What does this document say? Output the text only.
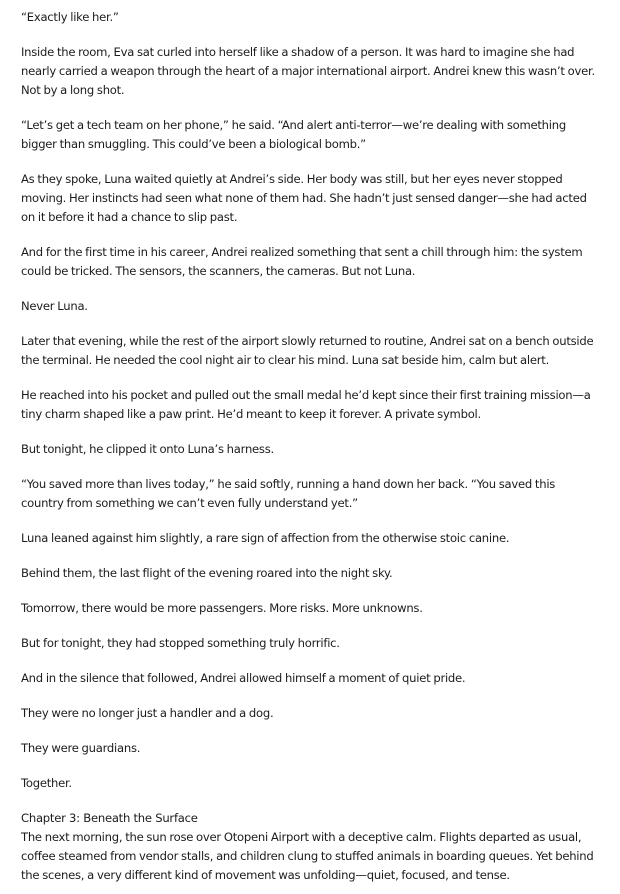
“Exactly like her.”

Inside the room, Eva sat curled into herself like a shadow of a person. It was hard to imagine she had nearly carried a weapon through the heart of a major international airport. Andrei knew this wasn’t over. Not by a long shot.

“Let’s get a tech team on her phone,” he said. “And alert anti-terror—we’re dealing with something bigger than smuggling. This could’ve been a biological bomb.”

As they spoke, Luna waited quietly at Andrei’s side. Her body was still, but her eyes never stopped moving. Her instincts had seen what none of them had. She hadn’t just sensed danger—she had acted on it before it had a chance to slip past.

And for the first time in his career, Andrei realized something that sent a chill through him: the system could be tricked. The sensors, the scanners, the cameras. But not Luna.

Never Luna.

Later that evening, while the rest of the airport slowly returned to routine, Andrei sat on a bench outside the terminal. He needed the cool night air to clear his mind. Luna sat beside him, calm but alert.

He reached into his pocket and pulled out the small medal he’d kept since their first training mission—a tiny charm shaped like a paw print. He’d meant to keep it forever. A private symbol.

But tonight, he clipped it onto Luna’s harness.

“You saved more than lives today,” he said softly, running a hand down her back. “You saved this country from something we can’t even fully understand yet.”

Luna leaned against him slightly, a rare sign of affection from the otherwise stoic canine.

Behind them, the last flight of the evening roared into the night sky.

Tomorrow, there would be more passengers. More risks. More unknowns.

But for tonight, they had stopped something truly horrific.

And in the silence that followed, Andrei allowed himself a moment of quiet pride.

They were no longer just a handler and a dog.

They were guardians.

Together.

Chapter 3: Beneath the Surface

The next morning, the sun rose over Otopeni Airport with a deceptive calm. Flights departed as usual, coffee steamed from vendor stalls, and children clung to stuffed animals in boarding queues. Yet behind the scenes, a very different kind of movement was unfolding—quiet, focused, and tense.
